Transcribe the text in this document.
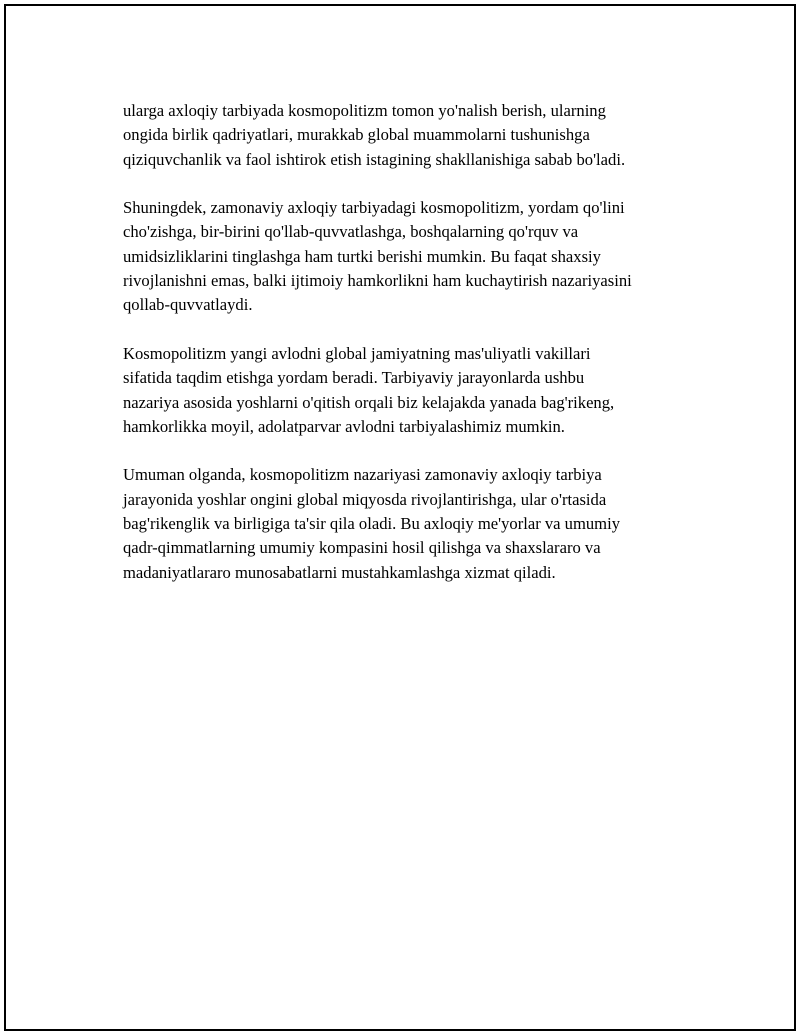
ularga axloqiy tarbiyada kosmopolitizm tomon yo'nalish berish, ularning
ongida birlik qadriyatlari, murakkab global muammolarni tushunishga
qiziquvchanlik va faol ishtirok etish istagining shakllanishiga sabab bo'ladi.

Shuningdek, zamonaviy axloqiy tarbiyadagi kosmopolitizm, yordam qo'lini
cho'zishga, bir-birini qo'llab-quvvatlashga, boshqalarning qo'rquv va
umidsizliklarini tinglashga ham turtki berishi mumkin. Bu faqat shaxsiy
rivojlanishni emas, balki ijtimoiy hamkorlikni ham kuchaytirish nazariyasini
qollab-quvvatlaydi.

Kosmopolitizm yangi avlodni global jamiyatning mas'uliyatli vakillari
sifatida taqdim etishga yordam beradi. Tarbiyaviy jarayonlarda ushbu
nazariya asosida yoshlarni o'qitish orqali biz kelajakda yanada bag'rikeng,
hamkorlikka moyil, adolatparvar avlodni tarbiyalashimiz mumkin.

Umuman olganda, kosmopolitizm nazariyasi zamonaviy axloqiy tarbiya
jarayonida yoshlar ongini global miqyosda rivojlantirishga, ular o'rtasida
bag'rikenglik va birligiga ta'sir qila oladi. Bu axloqiy me'yorlar va umumiy
qadr-qimmatlarning umumiy kompasini hosil qilishga va shaxslararo va
madaniyatlararo munosabatlarni mustahkamlashga xizmat qiladi.
